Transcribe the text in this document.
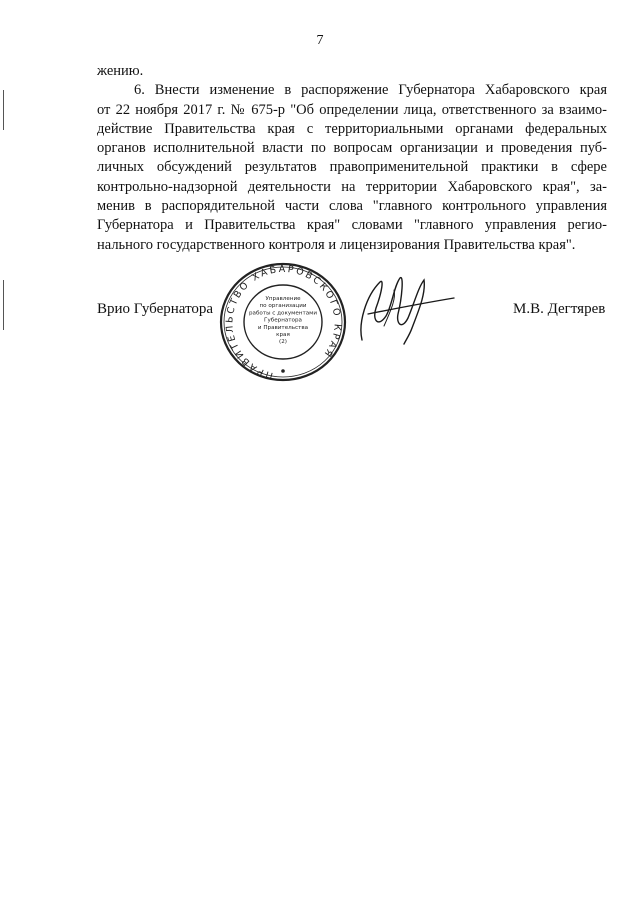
7
жению.
6. Внести изменение в распоряжение Губернатора Хабаровского края
от 22 ноября 2017 г. № 675-р "Об определении лица, ответственного за взаимо-
действие Правительства края с территориальными органами федеральных
органов исполнительной власти по вопросам организации и проведения пуб-
личных обсуждений результатов правоприменительной практики в сфере
контрольно-надзорной деятельности на территории Хабаровского края", за-
менив в распорядительной части слова "главного контрольного управления
Губернатора и Правительства края" словами "главного управления регио-
нального государственного контроля и лицензирования Правительства края".
Врио Губернатора
ПРАВИТЕЛЬСТВО ХАБАРОВСКОГО КРАЯ
Управление по организации работы с документами Губернатора и Правительства края (2)
М.В. Дегтярев
